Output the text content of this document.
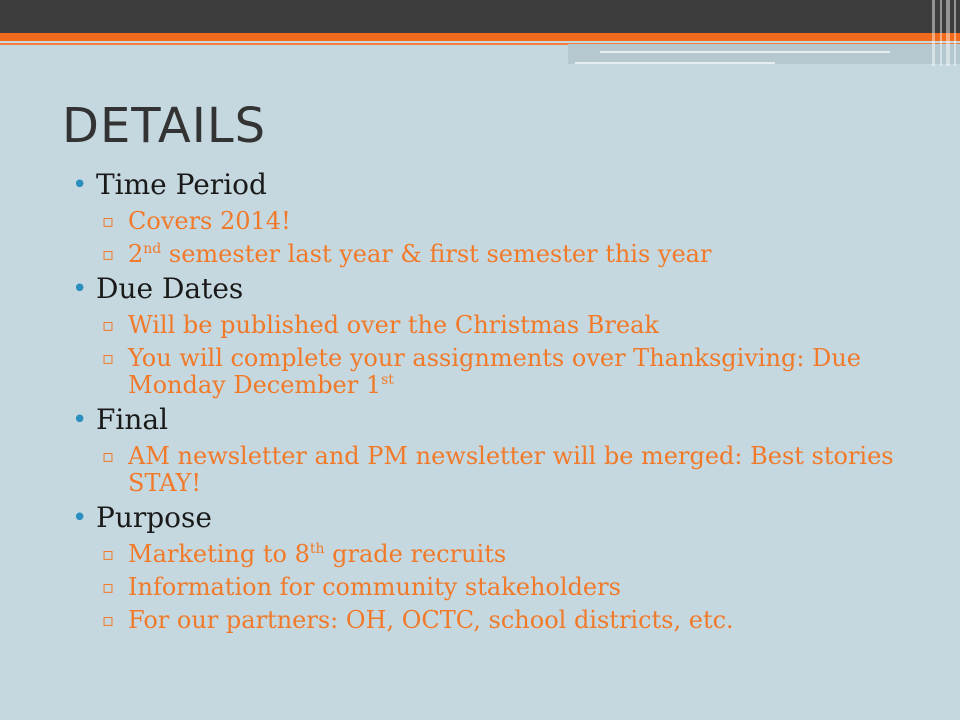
DETAILS
• Time Period
▫ Covers 2014!
▫ 2nd semester last year & first semester this year
• Due Dates
▫ Will be published over the Christmas Break
▫ You will complete your assignments over Thanksgiving: Due Monday December 1st
• Final
▫ AM newsletter and PM newsletter will be merged: Best stories STAY!
• Purpose
▫ Marketing to 8th grade recruits
▫ Information for community stakeholders
▫ For our partners: OH, OCTC, school districts, etc.
